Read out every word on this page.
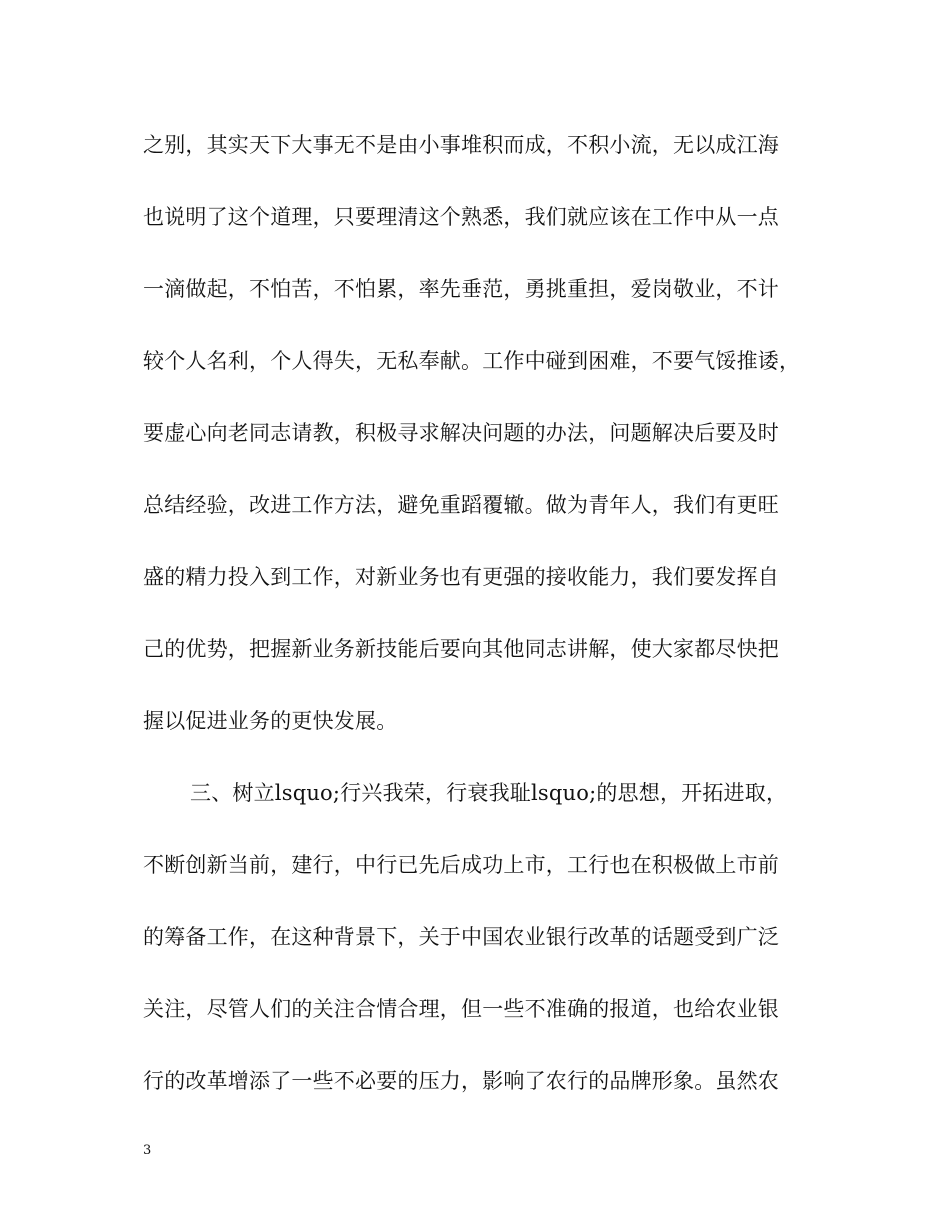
之别，其实天下大事无不是由小事堆积而成，不积小流，无以成江海
也说明了这个道理，只要理清这个熟悉，我们就应该在工作中从一点
一滴做起，不怕苦，不怕累，率先垂范，勇挑重担，爱岗敬业，不计
较个人名利，个人得失，无私奉献。工作中碰到困难，不要气馁推诿，
要虚心向老同志请教，积极寻求解决问题的办法，问题解决后要及时
总结经验，改进工作方法，避免重蹈覆辙。做为青年人，我们有更旺
盛的精力投入到工作，对新业务也有更强的接收能力，我们要发挥自
己的优势，把握新业务新技能后要向其他同志讲解，使大家都尽快把
握以促进业务的更快发展。
三、树立lsquo;行兴我荣，行衰我耻lsquo;的思想，开拓进取，
不断创新当前，建行，中行已先后成功上市，工行也在积极做上市前
的筹备工作，在这种背景下，关于中国农业银行改革的话题受到广泛
关注，尽管人们的关注合情合理，但一些不准确的报道，也给农业银
行的改革增添了一些不必要的压力，影响了农行的品牌形象。虽然农
3
